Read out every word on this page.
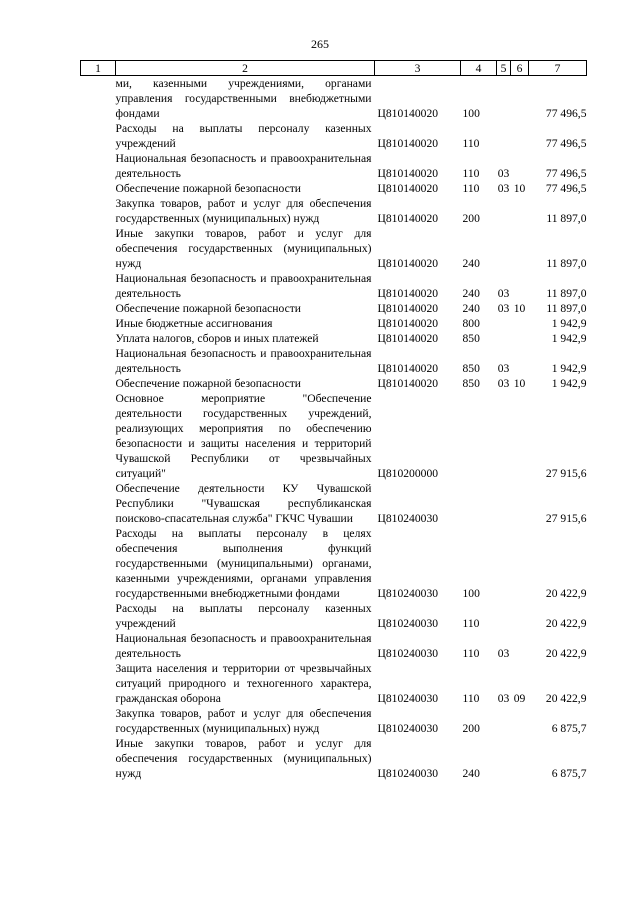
265
1	2	3	4	5	6	7

	ми, казенными учреждениями, органами управления государственными внебюджетными фондами	Ц810140020	100			77 496,5

	Расходы на выплаты персоналу казенных учреждений	Ц810140020	110			77 496,5

	Национальная безопасность и правоохранительная деятельность	Ц810140020	110	03		77 496,5

	Обеспечение пожарной безопасности	Ц810140020	110	03	10	77 496,5

	Закупка товаров, работ и услуг для обеспечения государственных (муниципальных) нужд	Ц810140020	200			11 897,0

	Иные закупки товаров, работ и услуг для обеспечения государственных (муниципальных) нужд	Ц810140020	240			11 897,0

	Национальная безопасность и правоохранительная деятельность	Ц810140020	240	03		11 897,0

	Обеспечение пожарной безопасности	Ц810140020	240	03	10	11 897,0

	Иные бюджетные ассигнования	Ц810140020	800			1 942,9

	Уплата налогов, сборов и иных платежей	Ц810140020	850			1 942,9

	Национальная безопасность и правоохранительная деятельность	Ц810140020	850	03		1 942,9

	Обеспечение пожарной безопасности	Ц810140020	850	03	10	1 942,9

	Основное мероприятие "Обеспечение деятельности государственных учреждений, реализующих мероприятия по обеспечению безопасности и защиты населения и территорий Чувашской Республики от чрезвычайных ситуаций"	Ц810200000				27 915,6

	Обеспечение деятельности КУ Чувашской Республики "Чувашская республиканская поисково-спасательная служба" ГКЧС Чувашии	Ц810240030				27 915,6

	Расходы на выплаты персоналу в целях обеспечения выполнения функций государственными (муниципальными) органами, казенными учреждениями, органами управления государственными внебюджетными фондами	Ц810240030	100			20 422,9

	Расходы на выплаты персоналу казенных учреждений	Ц810240030	110			20 422,9

	Национальная безопасность и правоохранительная деятельность	Ц810240030	110	03		20 422,9

	Защита населения и территории от чрезвычайных ситуаций природного и техногенного характера, гражданская оборона	Ц810240030	110	03	09	20 422,9

	Закупка товаров, работ и услуг для обеспечения государственных (муниципальных) нужд	Ц810240030	200			6 875,7

	Иные закупки товаров, работ и услуг для обеспечения государственных (муниципальных) нужд	Ц810240030	240			6 875,7
